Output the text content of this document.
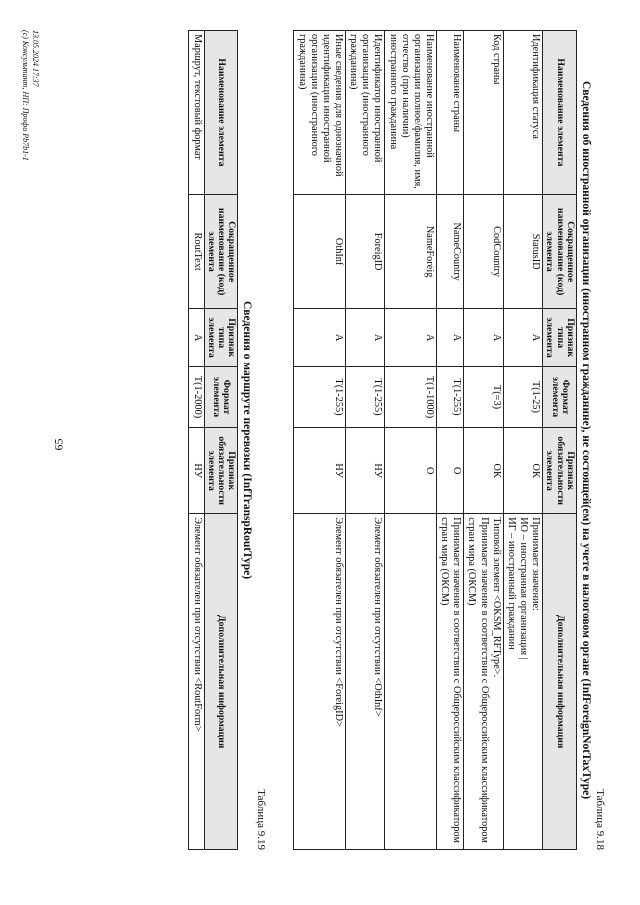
65

Таблица 9.18

Сведения об иностранной организации (иностранном гражданине), не состоящей(ем) на учете в налоговом органе (InfForeignNotTaxType)

Наименование элемента	Сокращенное наименование (код) элемента	Признак типа элемента	Формат элемента	Признак обязательности элемента	Дополнительная информация
Идентификация статуса	StatusID	А	Т(1-25)	ОК	Принимает значение:
ИО – иностранная организация |
ИГ – иностранный гражданин
Код страны	CodCountry	А	Т(=3)	ОК	Типовой элемент <OKSM_RFType>.
Принимает значение в соответствии с Общероссийским классификатором стран мира (ОКСМ)
Наименование страны	NameCountry	А	Т(1-255)	О	Принимает значение в соответствии с Общероссийским классификатором стран мира (ОКСМ)
Наименование иностранной организации полное/фамилия, имя, отчество (при наличии) иностранного гражданина	NameForeig	А	Т(1-1000)	О	
Идентификатор иностранной организации (иностранного гражданина)	ForeigID	А	Т(1-255)	НУ	Элемент обязателен при отсутствии <OthInf>
Иные сведения для однозначной идентификации иностранной организации (иностранного гражданина)	OthInf	А	Т(1-255)	НУ	Элемент обязателен при отсутствии <ForeigID>

Таблица 9.19

Сведения о маршруте перевозки (InfTranspRoutType)

Наименование элемента	Сокращенное наименование (код) элемента	Признак типа элемента	Формат элемента	Признак обязательности элемента	Дополнительная информация
Маршрут, текстовый формат	RoutText	А	Т(1-2000)	НУ	Элемент обязателен при отсутствии <RoutForm>
13.05.2024 17:37
(c) Консультант, НП: Профи Pb7b1-1
